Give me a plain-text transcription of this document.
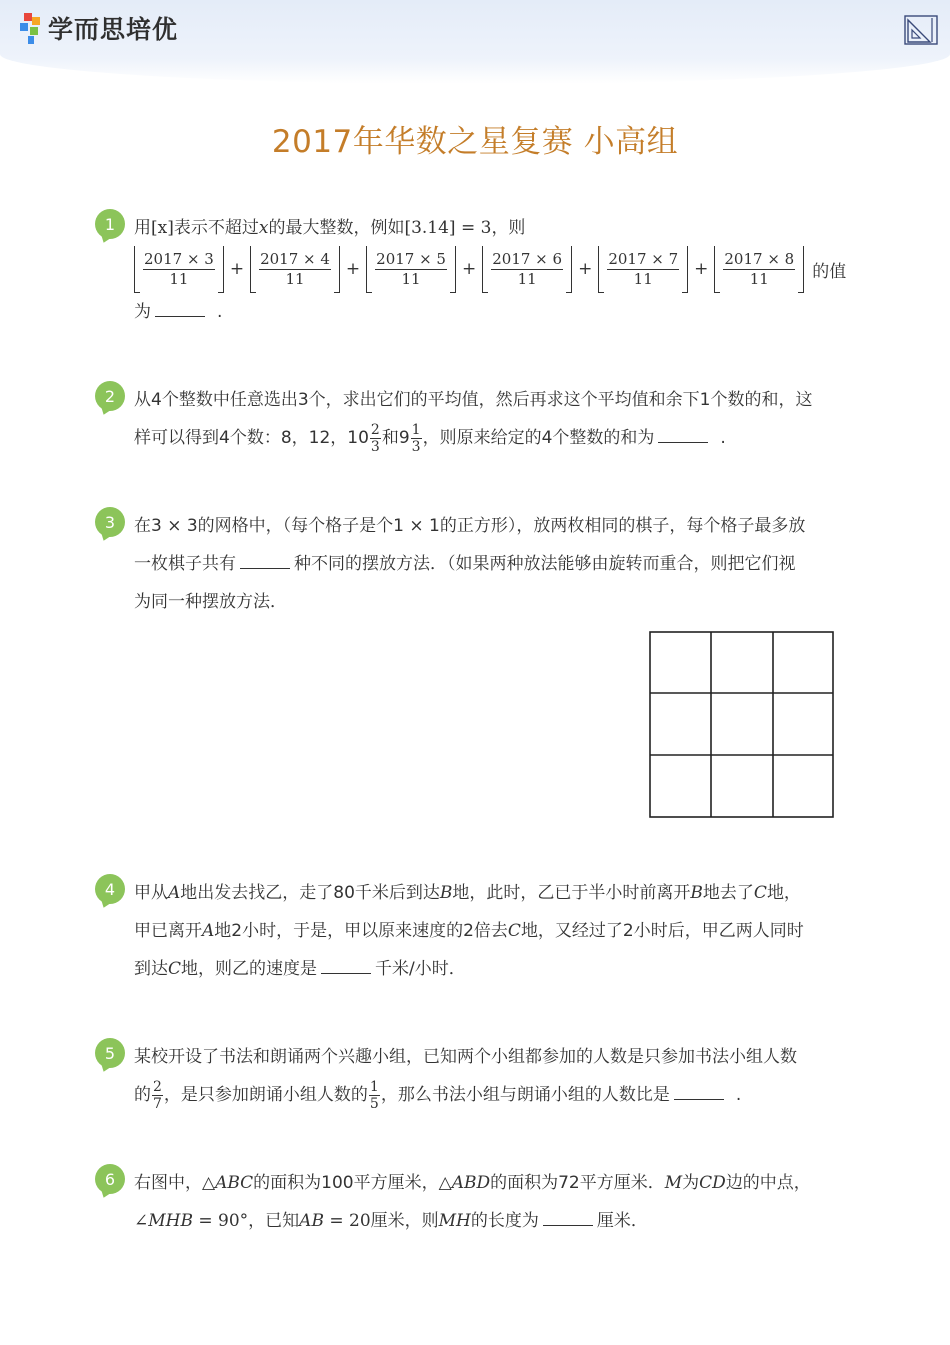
学而思培优
2017年华数之星复赛 小高组
1	用[x]表示不超过x的最大整数，例如[3.14] = 3，则
$\frac{2017 \times 3}{11} + \frac{2017 \times 4}{11} + \frac{2017 \times 5}{11} + \frac{2017 \times 6}{11} + \frac{2017 \times 7}{11} + \frac{2017 \times 8}{11}$ 的值
为	.
2	从4个整数中任意选出3个，求出它们的平均值，然后再求这个平均值和余下1个数的和，这
样可以得到4个数：8，12，$10 \frac{2}{3}$ 和$9 \frac{1}{3}$ ，则原来给定的4个整数的和为	.
3	在3 × 3的网格中，（每个格子是个1 × 1的正方形），放两枚相同的棋子，每个格子最多放
一枚棋子共有	种不同的摆放方法．（如果两种放法能够由旋转而重合，则把它们视
为同一种摆放方法．
4	甲从A地出发去找乙，走了80千米后到达B地，此时，乙已于半小时前离开B地去了C地，
甲已离开A地2小时，于是，甲以原来速度的2倍去C地，又经过了2小时后，甲乙两人同时
到达C地，则乙的速度是	千米/小时．
5	某校开设了书法和朗诵两个兴趣小组，已知两个小组都参加的人数是只参加书法小组人数
的 $\frac{2}{7}$ ，是只参加朗诵小组人数的 $\frac{1}{5}$ ，那么书法小组与朗诵小组的人数比是	.
6	右图中，△ABC的面积为100平方厘米，△ABD的面积为72平方厘米．M为CD边的中点，
∠MHB = 90°，已知AB = 20厘米，则MH的长度为	厘米．
